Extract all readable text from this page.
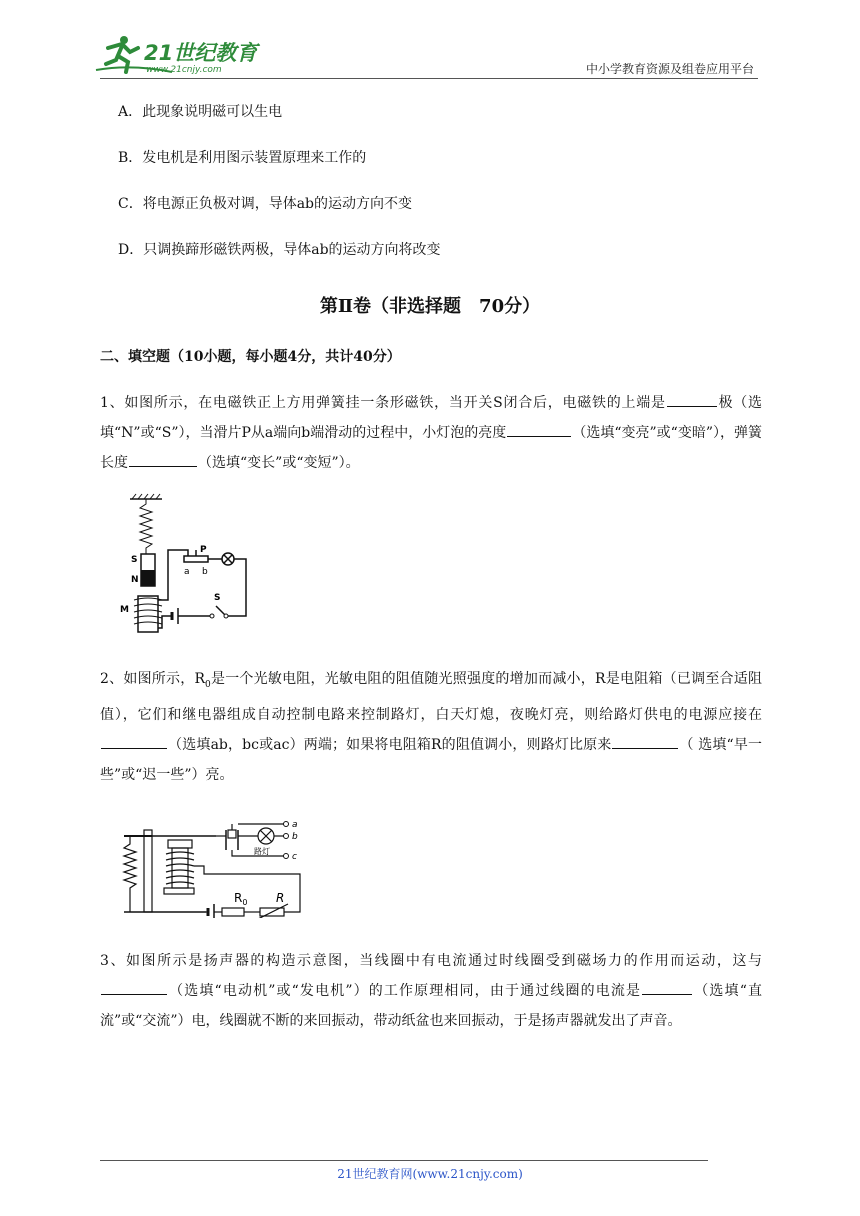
21世纪教育
www.21cnjy.com	中小学教育资源及组卷应用平台
A．此现象说明磁可以生电
B．发电机是利用图示装置原理来工作的
C．将电源正负极对调，导体ab的运动方向不变
D．只调换蹄形磁铁两极，导体ab的运动方向将改变
第Ⅱ卷（非选择题　70分）
二、填空题（10小题，每小题4分，共计40分）
1、如图所示，在电磁铁正上方用弹簧挂一条形磁铁，当开关S闭合后，电磁铁的上端是	极（选填“N”或“S”），当滑片P从a端向b端滑动的过程中，小灯泡的亮度	（选填“变亮”或“变暗”），弹簧长度	（选填“变长”或“变短”）。
S
N
P
a b
M
S
2、如图所示，$R_0$是一个光敏电阻，光敏电阻的阻值随光照强度的增加而减小，R是电阻箱（已调至合适阻值），它们和继电器组成自动控制电路来控制路灯，白天灯熄，夜晚灯亮，则给路灯供电的电源应接在（选填ab，bc或ac）两端；如果将电阻箱R的阻值调小，则路灯比原来	（ 选填“早一些”或“迟一些”）亮。
a
b
c
路灯
$R_0$ R
3、如图所示是扬声器的构造示意图，当线圈中有电流通过时线圈受到磁场力的作用而运动，这与（选填“电动机”或“发电机”）的工作原理相同，由于通过线圈的电流是	（选填“直流”或“交流”）电，线圈就不断的来回振动，带动纸盆也来回振动，于是扬声器就发出了声音。
21世纪教育网(www.21cnjy.com)
